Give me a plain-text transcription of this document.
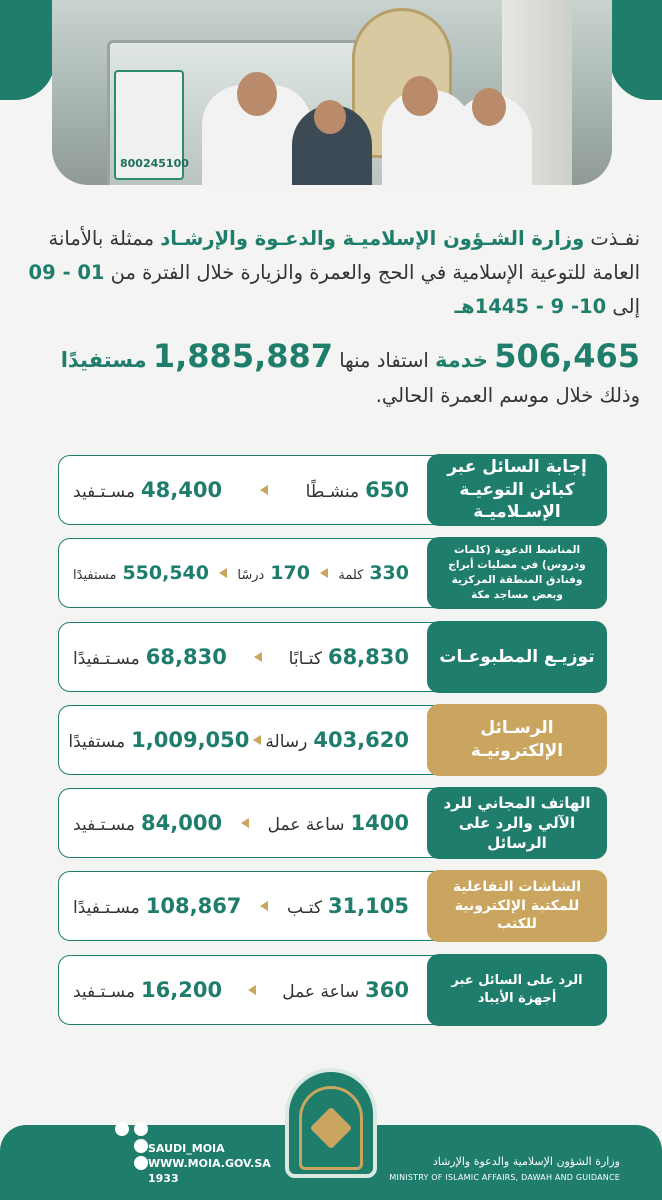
800245100
نفـذت وزارة الشـؤون الإسلاميـة والدعـوة والإرشـاد ممثلة بالأمانة العامة للتوعية الإسلامية في الحج والعمرة والزيارة خلال الفترة من 01 - 09 إلى 10- 9 - 1445هـ
506,465 خدمة استفاد منها 1,885,887 مستفيدًا
وذلك خلال موسم العمرة الحالي.
إجابة السائل عبر كبائن التوعيـة الإسـلاميـة
650
منشـطًا
48,400
مسـتـفيد
المناشط الدعوية (كلمات ودروس) في مصليات أبراج وفنادق المنطقة المركزية وبعض مساجد مكة
330
كلمة
170
درسًا
550,540
مستفيدًا
توزيـع المطبوعـات
68,830
كتـابًا
68,830
مسـتـفيدًا
الرسـائل الإلكترونيـة
403,620
رسالة
1,009,050
مستفيدًا
الهاتف المجاني للرد الآلي والرد على الرسائل
1400
ساعة عمل
84,000
مسـتـفيد
الشاشات التفاعلية للمكتبة الإلكترونية للكتب
31,105
كتـب
108,867
مسـتـفيدًا
الرد على السائل عبر أجهزة الأيباد
360
ساعة عمل
16,200
مسـتـفيد
SAUDI_MOIA
WWW.MOIA.GOV.SA
1933
وزارة الشؤون الإسلامية والدعوة والإرشاد
MINISTRY OF ISLAMIC AFFAIRS, DAWAH AND GUIDANCE
